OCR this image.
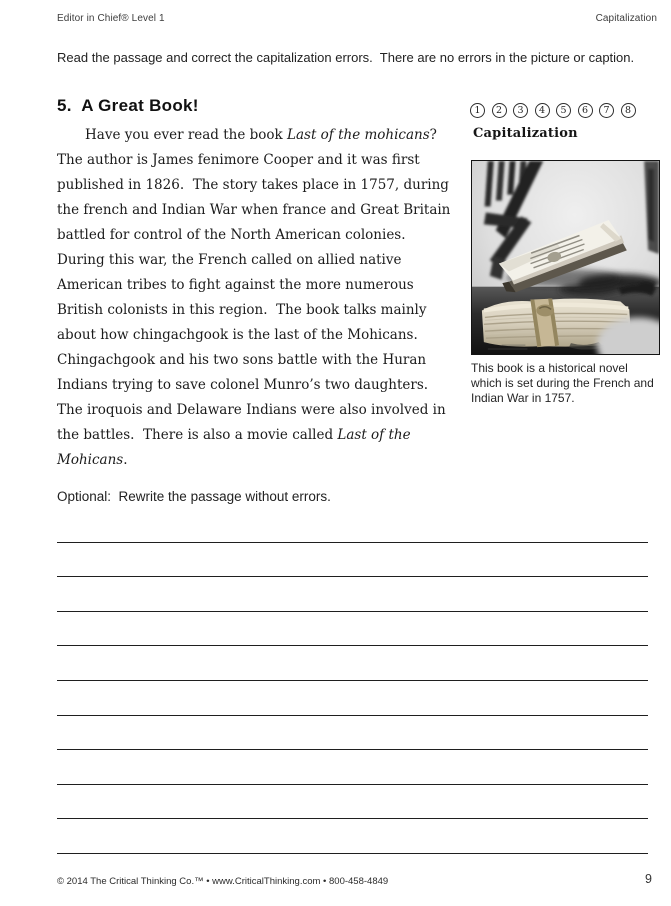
Editor in Chief® Level 1	Capitalization
Read the passage and correct the capitalization errors.  There are no errors in the picture or caption.
5.  A Great Book!
Have you ever read the book Last of the mohicans?  The author is James fenimore Cooper and it was first published in 1826.  The story takes place in 1757, during the french and Indian War when france and Great Britain battled for control of the North American colonies.  During this war, the French called on allied native American tribes to fight against the more numerous British colonists in this region.  The book talks mainly about how chingachgook is the last of the Mohicans. Chingachgook and his two sons battle with the Huran Indians trying to save colonel Munro’s two daughters.  The iroquois and Delaware Indians were also involved in the battles.  There is also a movie called Last of the Mohicans.
1	2	3	4	5	6	7	8
Capitalization
This book is a historical novel which is set during the French and Indian War in 1757.
Optional:  Rewrite the passage without errors.
© 2014 The Critical Thinking Co.™ • www.CriticalThinking.com • 800-458-4849	9
